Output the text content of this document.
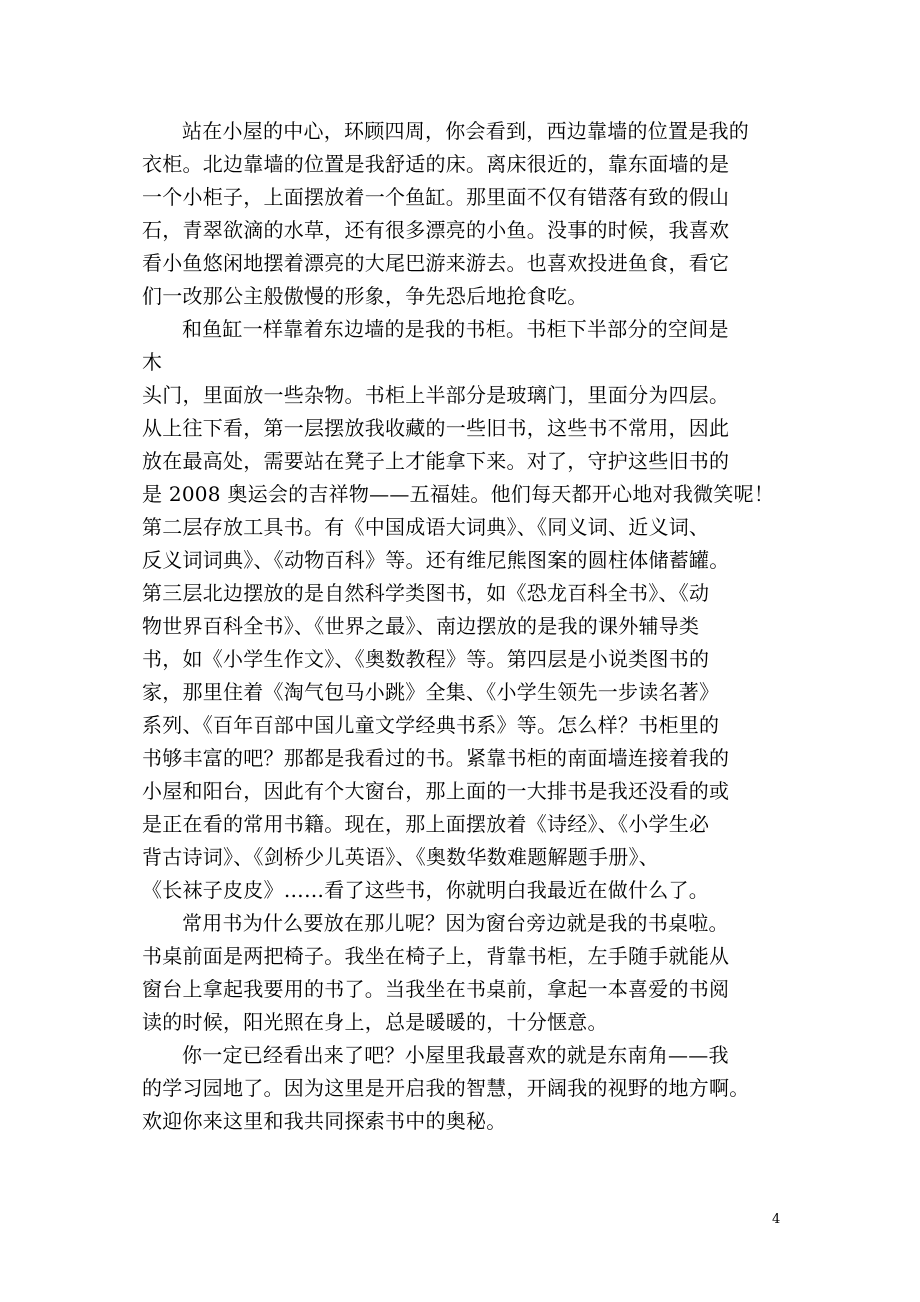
站在小屋的中心，环顾四周，你会看到，西边靠墙的位置是我的
衣柜。北边靠墙的位置是我舒适的床。离床很近的，靠东面墙的是
一个小柜子，上面摆放着一个鱼缸。那里面不仅有错落有致的假山
石，青翠欲滴的水草，还有很多漂亮的小鱼。没事的时候，我喜欢
看小鱼悠闲地摆着漂亮的大尾巴游来游去。也喜欢投进鱼食，看它
们一改那公主般傲慢的形象，争先恐后地抢食吃。
和鱼缸一样靠着东边墙的是我的书柜。书柜下半部分的空间是
木
头门，里面放一些杂物。书柜上半部分是玻璃门，里面分为四层。
从上往下看，第一层摆放我收藏的一些旧书，这些书不常用，因此
放在最高处，需要站在凳子上才能拿下来。对了，守护这些旧书的
是 2008 奥运会的吉祥物——五福娃。他们每天都开心地对我微笑呢！
第二层存放工具书。有《中国成语大词典》、《同义词、近义词、
反义词词典》、《动物百科》等。还有维尼熊图案的圆柱体储蓄罐。
第三层北边摆放的是自然科学类图书，如《恐龙百科全书》、《动
物世界百科全书》、《世界之最》、南边摆放的是我的课外辅导类
书，如《小学生作文》、《奥数教程》等。第四层是小说类图书的
家，那里住着《淘气包马小跳》全集、《小学生领先一步读名著》
系列、《百年百部中国儿童文学经典书系》等。怎么样？书柜里的
书够丰富的吧？那都是我看过的书。紧靠书柜的南面墙连接着我的
小屋和阳台，因此有个大窗台，那上面的一大排书是我还没看的或
是正在看的常用书籍。现在，那上面摆放着《诗经》、《小学生必
背古诗词》、《剑桥少儿英语》、《奥数华数难题解题手册》、
《长袜子皮皮》……看了这些书，你就明白我最近在做什么了。
常用书为什么要放在那儿呢？因为窗台旁边就是我的书桌啦。
书桌前面是两把椅子。我坐在椅子上，背靠书柜，左手随手就能从
窗台上拿起我要用的书了。当我坐在书桌前，拿起一本喜爱的书阅
读的时候，阳光照在身上，总是暖暖的，十分惬意。
你一定已经看出来了吧？小屋里我最喜欢的就是东南角——我
的学习园地了。因为这里是开启我的智慧，开阔我的视野的地方啊。
欢迎你来这里和我共同探索书中的奥秘。
4
